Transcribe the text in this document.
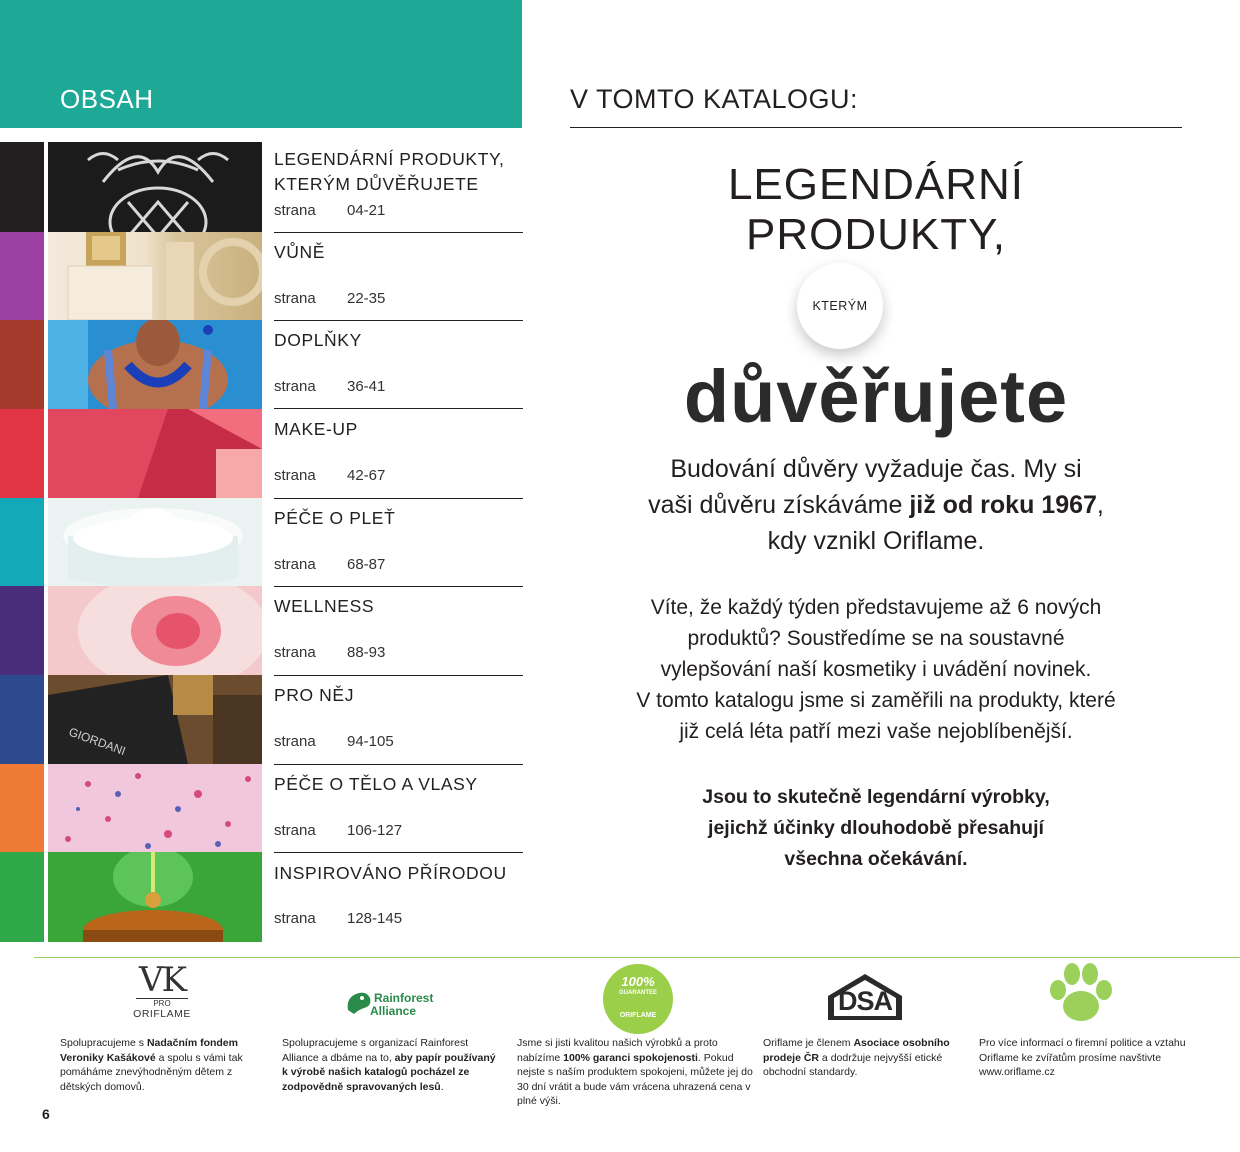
OBSAH
GIORDANI
LEGENDÁRNÍ PRODUKTY,
KTERÝM DŮVĚŘUJETE
strana 04-21
VŮNĚ
strana 22-35
DOPLŇKY
strana 36-41
MAKE-UP
strana 42-67
PÉČE O PLEŤ
strana 68-87
WELLNESS
strana 88-93
PRO NĚJ
strana 94-105
PÉČE O TĚLO A VLASY
strana 106-127
INSPIROVÁNO PŘÍRODOU
strana 128-145
V TOMTO KATALOGU:
LEGENDÁRNÍ
PRODUKTY,
KTERÝM
důvěřujete
Budování důvěry vyžaduje čas. My si
vaši důvěru získáváme již od roku 1967,
kdy vznikl Oriflame.
Víte, že každý týden představujeme až 6 nových
produktů? Soustředíme se na soustavné
vylepšování naší kosmetiky i uvádění novinek.
V tomto katalogu jsme si zaměřili na produkty, které
již celá léta patří mezi vaše nejoblíbenější.
Jsou to skutečně legendární výrobky,
jejichž účinky dlouhodobě přesahují
všechna očekávání.
VK
PRO
ORIFLAME
Rainforest
Alliance
100%
GUARANTEE
ORIFLAME	DSA
Spolupracujeme s Nadačním fondem Veroniky Kašákové a spolu s vámi tak pomáháme znevýhodněným dětem z dětských domovů.
Spolupracujeme s organizací Rainforest Alliance a dbáme na to, aby papír používaný k výrobě našich katalogů pocházel ze zodpovědně spravovaných lesů.
Jsme si jisti kvalitou našich výrobků a proto nabízíme 100% garanci spokojenosti. Pokud nejste s naším produktem spokojeni, můžete jej do 30 dní vrátit a bude vám vrácena uhrazená cena v plné výši.
Oriflame je členem Asociace osobního prodeje ČR a dodržuje nejvyšší etické obchodní standardy.
Pro více informací o firemní politice a vztahu Oriflame ke zvířatům prosíme navštivte www.oriflame.cz
6
